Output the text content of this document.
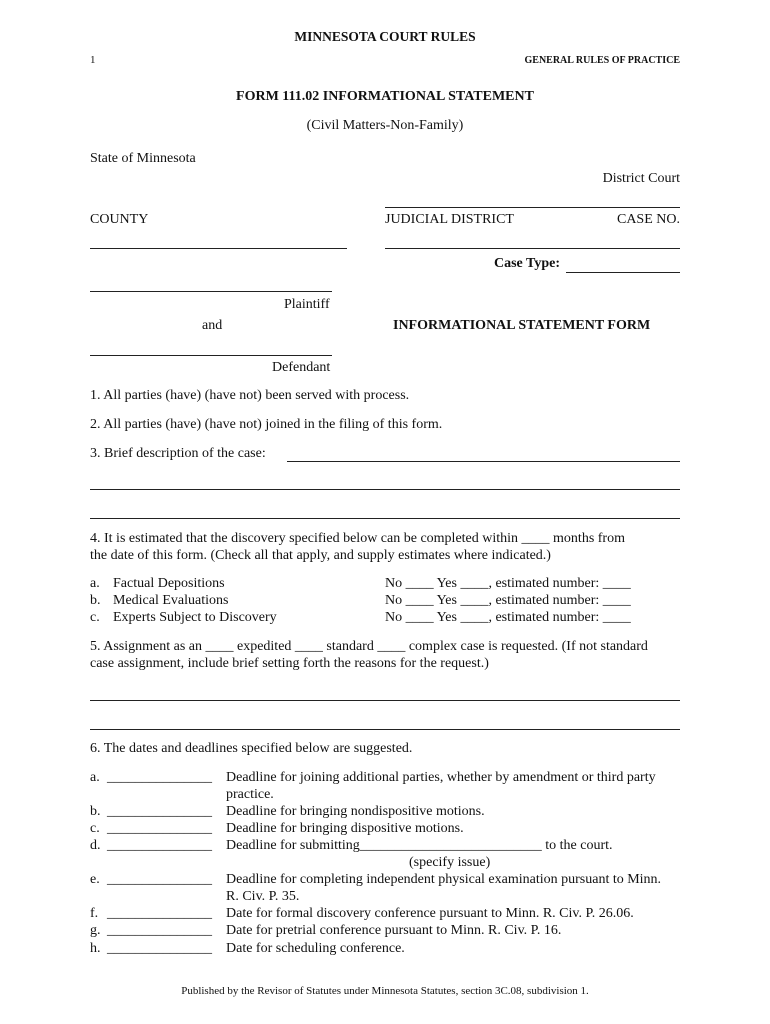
MINNESOTA COURT RULES
1	GENERAL RULES OF PRACTICE
FORM 111.02 INFORMATIONAL STATEMENT
(Civil Matters-Non-Family)
State of Minnesota
District Court
COUNTY	JUDICIAL DISTRICT	CASE NO.
Case Type:
Plaintiff
and	INFORMATIONAL STATEMENT FORM
Defendant
1. All parties (have) (have not) been served with process.
2. All parties (have) (have not) joined in the filing of this form.
3. Brief description of the case:
4. It is estimated that the discovery specified below can be completed within ____ months from
the date of this form. (Check all that apply, and supply estimates where indicated.)
a. Factual Depositions	No ____ Yes ____, estimated number: ____
b. Medical Evaluations	No ____ Yes ____, estimated number: ____
c. Experts Subject to Discovery	No ____ Yes ____, estimated number: ____
5. Assignment as an ____ expedited ____ standard ____ complex case is requested. (If not standard
case assignment, include brief setting forth the reasons for the request.)
6. The dates and deadlines specified below are suggested.
a. _______________ Deadline for joining additional parties, whether by amendment or third party
practice.
b. _______________ Deadline for bringing nondispositive motions.
c. _______________ Deadline for bringing dispositive motions.
d. _______________ Deadline for submitting__________________________ to the court.
(specify issue)
e. _______________ Deadline for completing independent physical examination pursuant to Minn.
R. Civ. P. 35.
f. _______________ Date for formal discovery conference pursuant to Minn. R. Civ. P. 26.06.
g. _______________ Date for pretrial conference pursuant to Minn. R. Civ. P. 16.
h. _______________ Date for scheduling conference.
Published by the Revisor of Statutes under Minnesota Statutes, section 3C.08, subdivision 1.
